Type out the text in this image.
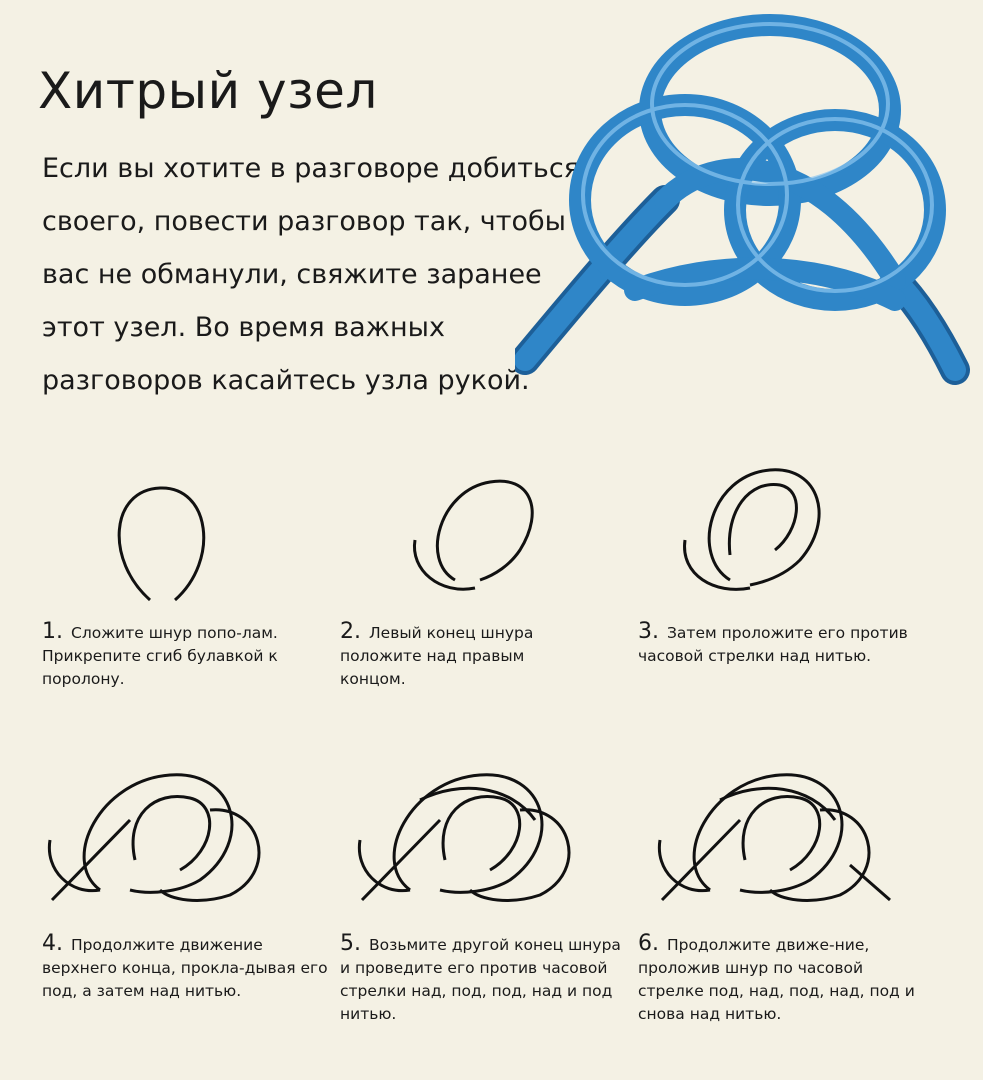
Хитрый узел

Если вы хотите в разговоре добиться своего, повести разговор так, чтобы вас не обманули, свяжите заранее этот узел. Во время важных разговоров касайтесь узла рукой.

1. Сложите шнур попо-лам. Прикрепите сгиб булавкой к поролону.

2. Левый конец шнура положите над правым концом.

3. Затем проложите его против часовой стрелки над нитью.

4. Продолжите движение верхнего конца, прокла-дывая его под, а затем над нитью.

5. Возьмите другой конец шнура и проведите его против часовой стрелки над, под, под, над и под нитью.

6. Продолжите движе-ние, проложив шнур по часовой стрелке под, над, под, над, под и снова над нитью.
